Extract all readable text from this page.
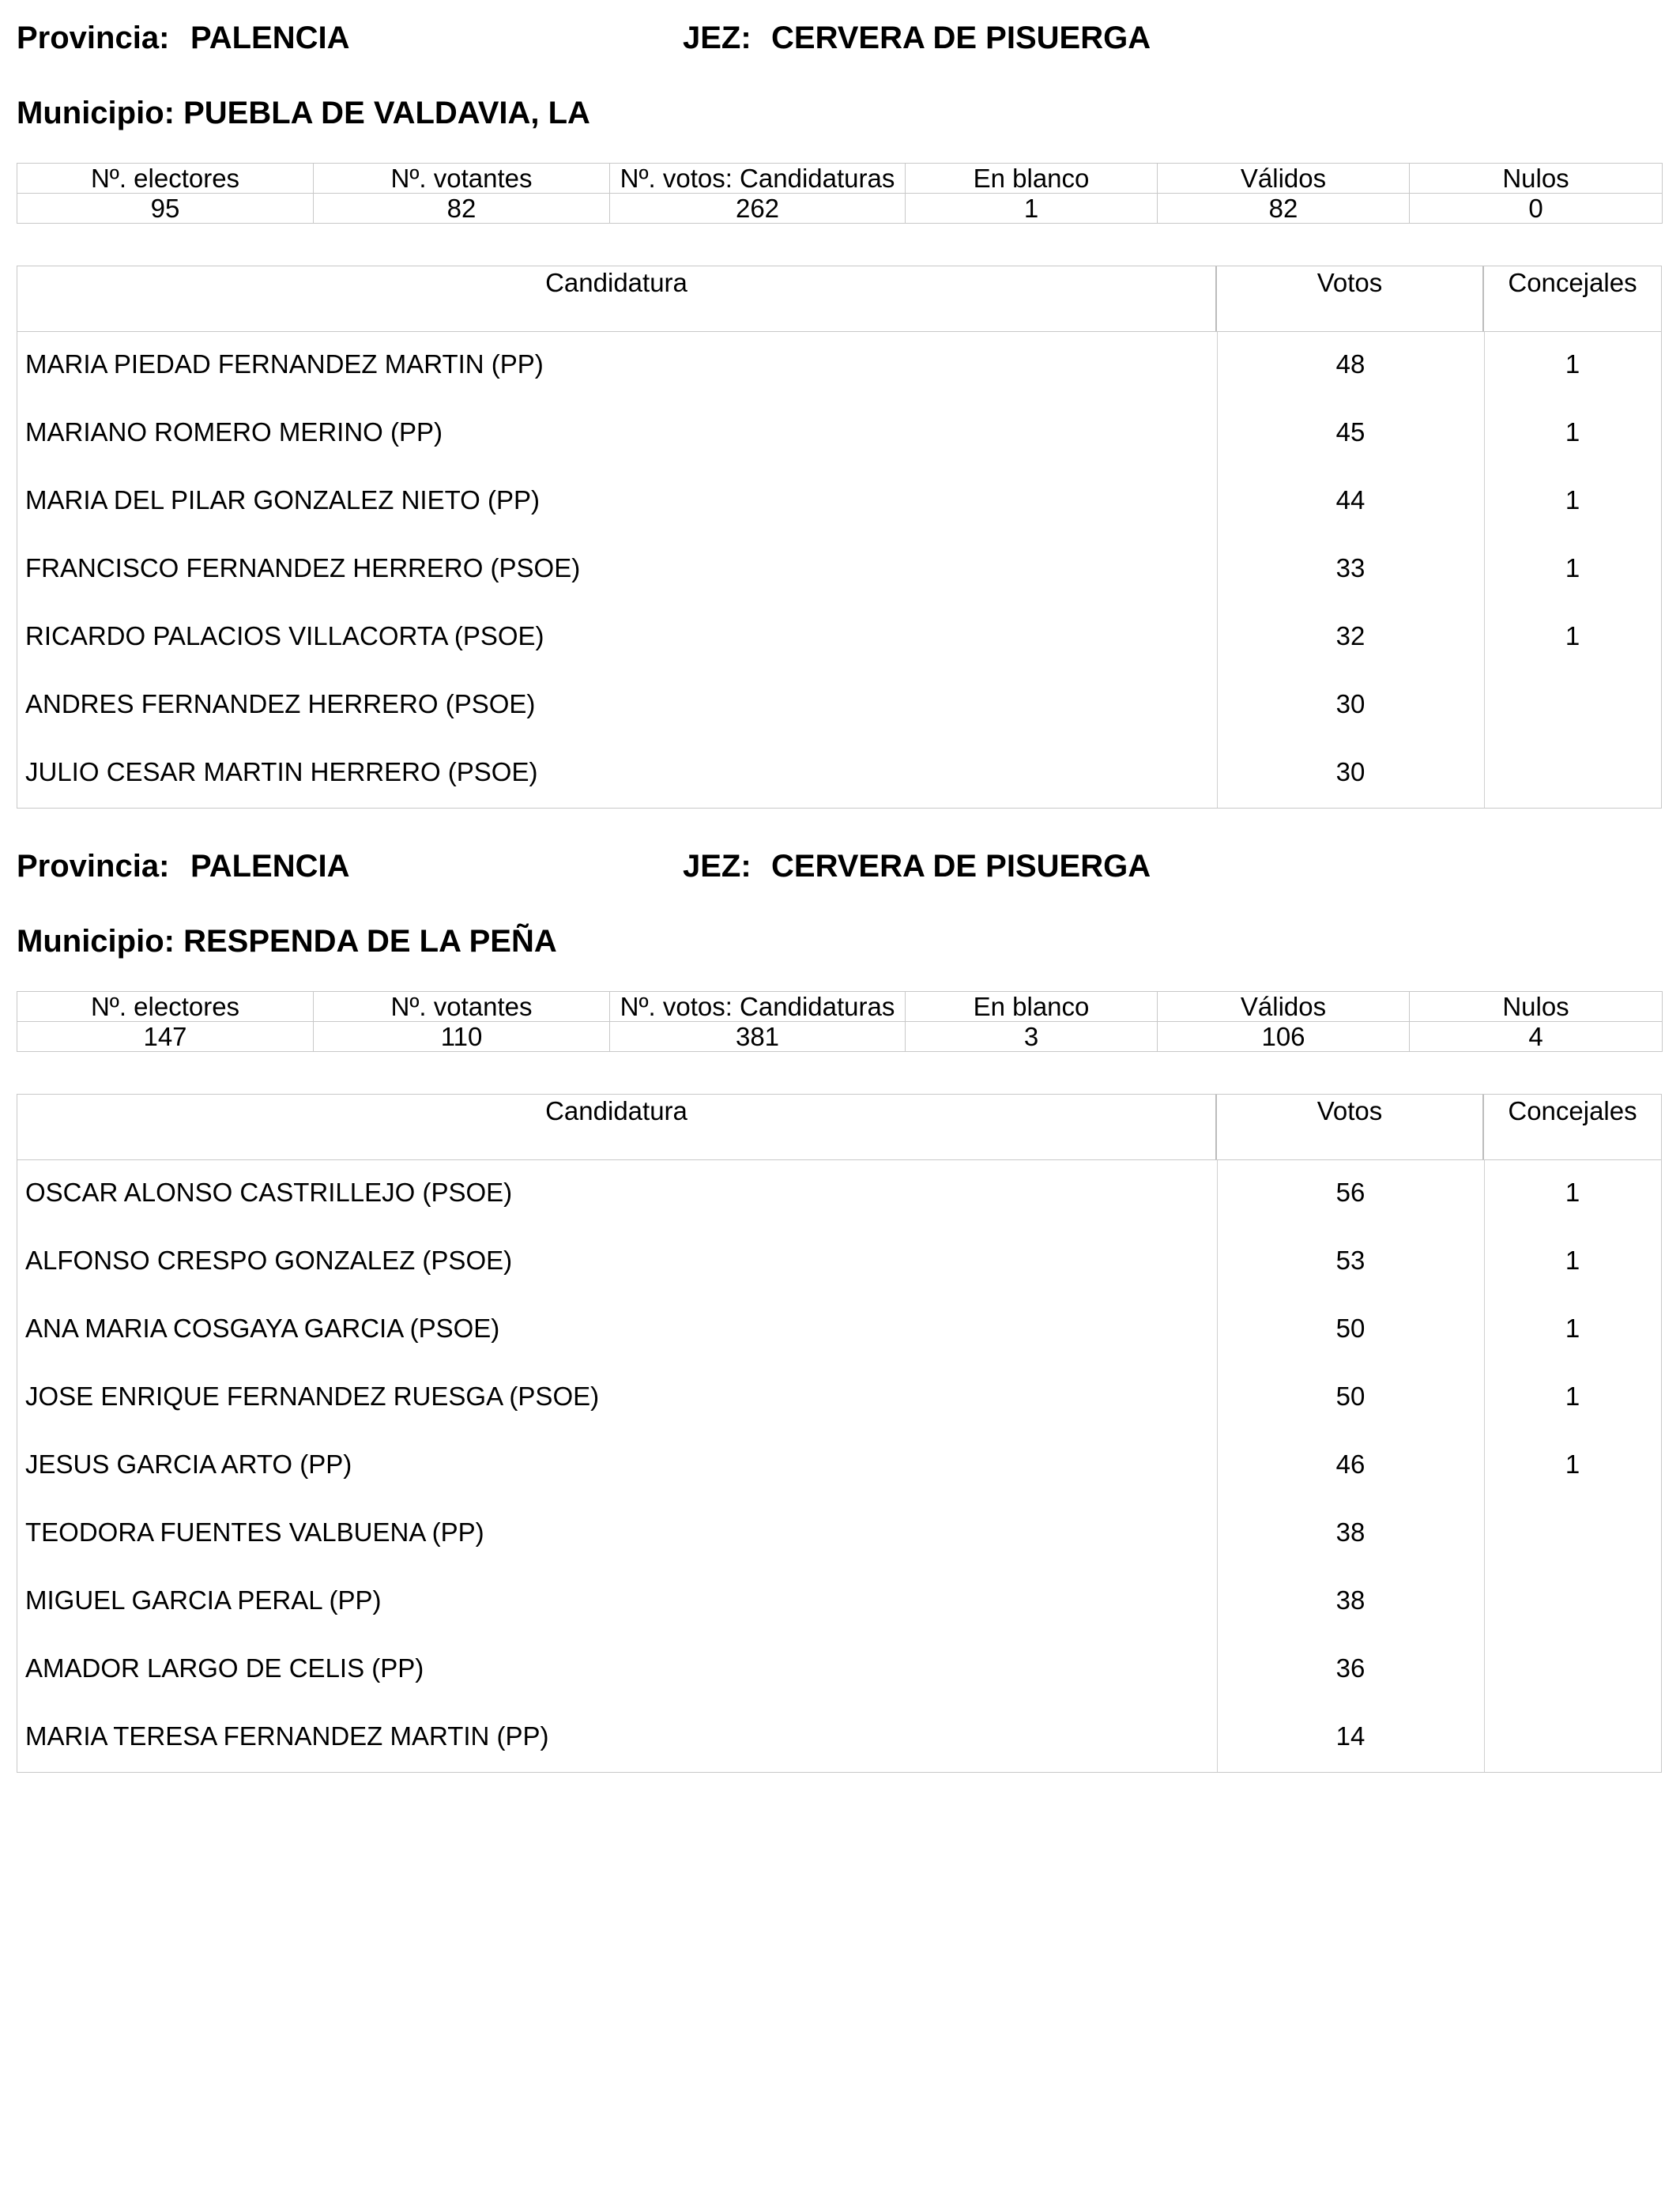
Provincia: PALENCIA	JEZ: CERVERA DE PISUERGA
Municipio: PUEBLA DE VALDAVIA, LA
Nº. electores	Nº. votantes	Nº. votos: Candidaturas	En blanco	Válidos	Nulos
95	82	262	1	82	0
Candidatura	Votos	Concejales
MARIA PIEDAD FERNANDEZ MARTIN (PP)	48	1
MARIANO ROMERO MERINO (PP)	45	1
MARIA DEL PILAR GONZALEZ NIETO (PP)	44	1
FRANCISCO FERNANDEZ HERRERO (PSOE)	33	1
RICARDO PALACIOS VILLACORTA (PSOE)	32	1
ANDRES FERNANDEZ HERRERO (PSOE)	30
JULIO CESAR MARTIN HERRERO (PSOE)	30
Provincia: PALENCIA	JEZ: CERVERA DE PISUERGA
Municipio: RESPENDA DE LA PEÑA
Nº. electores	Nº. votantes	Nº. votos: Candidaturas	En blanco	Válidos	Nulos
147	110	381	3	106	4
Candidatura	Votos	Concejales
OSCAR ALONSO CASTRILLEJO (PSOE)	56	1
ALFONSO CRESPO GONZALEZ (PSOE)	53	1
ANA MARIA COSGAYA GARCIA (PSOE)	50	1
JOSE ENRIQUE FERNANDEZ RUESGA (PSOE)	50	1
JESUS GARCIA ARTO (PP)	46	1
TEODORA FUENTES VALBUENA (PP)	38
MIGUEL GARCIA PERAL (PP)	38
AMADOR LARGO DE CELIS (PP)	36
MARIA TERESA FERNANDEZ MARTIN (PP)	14
